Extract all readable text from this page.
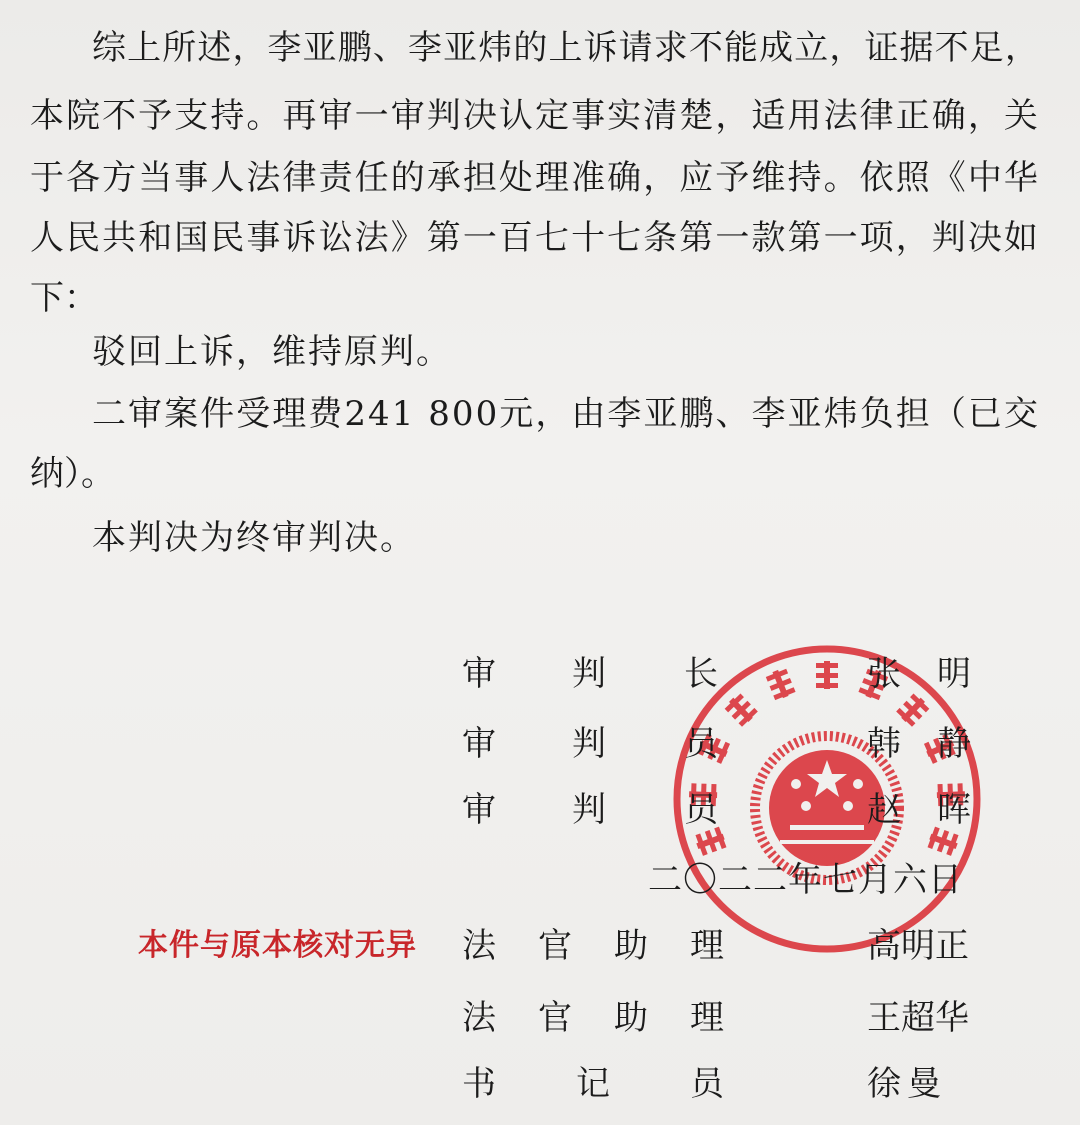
综上所述，李亚鹏、李亚炜的上诉请求不能成立，证据不足，
本院不予支持。再审一审判决认定事实清楚，适用法律正确，关
于各方当事人法律责任的承担处理准确，应予维持。依照《中华
人民共和国民事诉讼法》第一百七十七条第一款第一项，判决如
下：
驳回上诉，维持原判。
二审案件受理费241 800元，由李亚鹏、李亚炜负担（已交
纳）。
本判决为终审判决。
审 判 长	张 明
审 判 员	韩 静
审 判 员	赵 晖
二〇二二年七月六日
本件与原本核对无异 法 官 助 理	高明正
法 官 助 理	王超华
书 记 员	徐曼
